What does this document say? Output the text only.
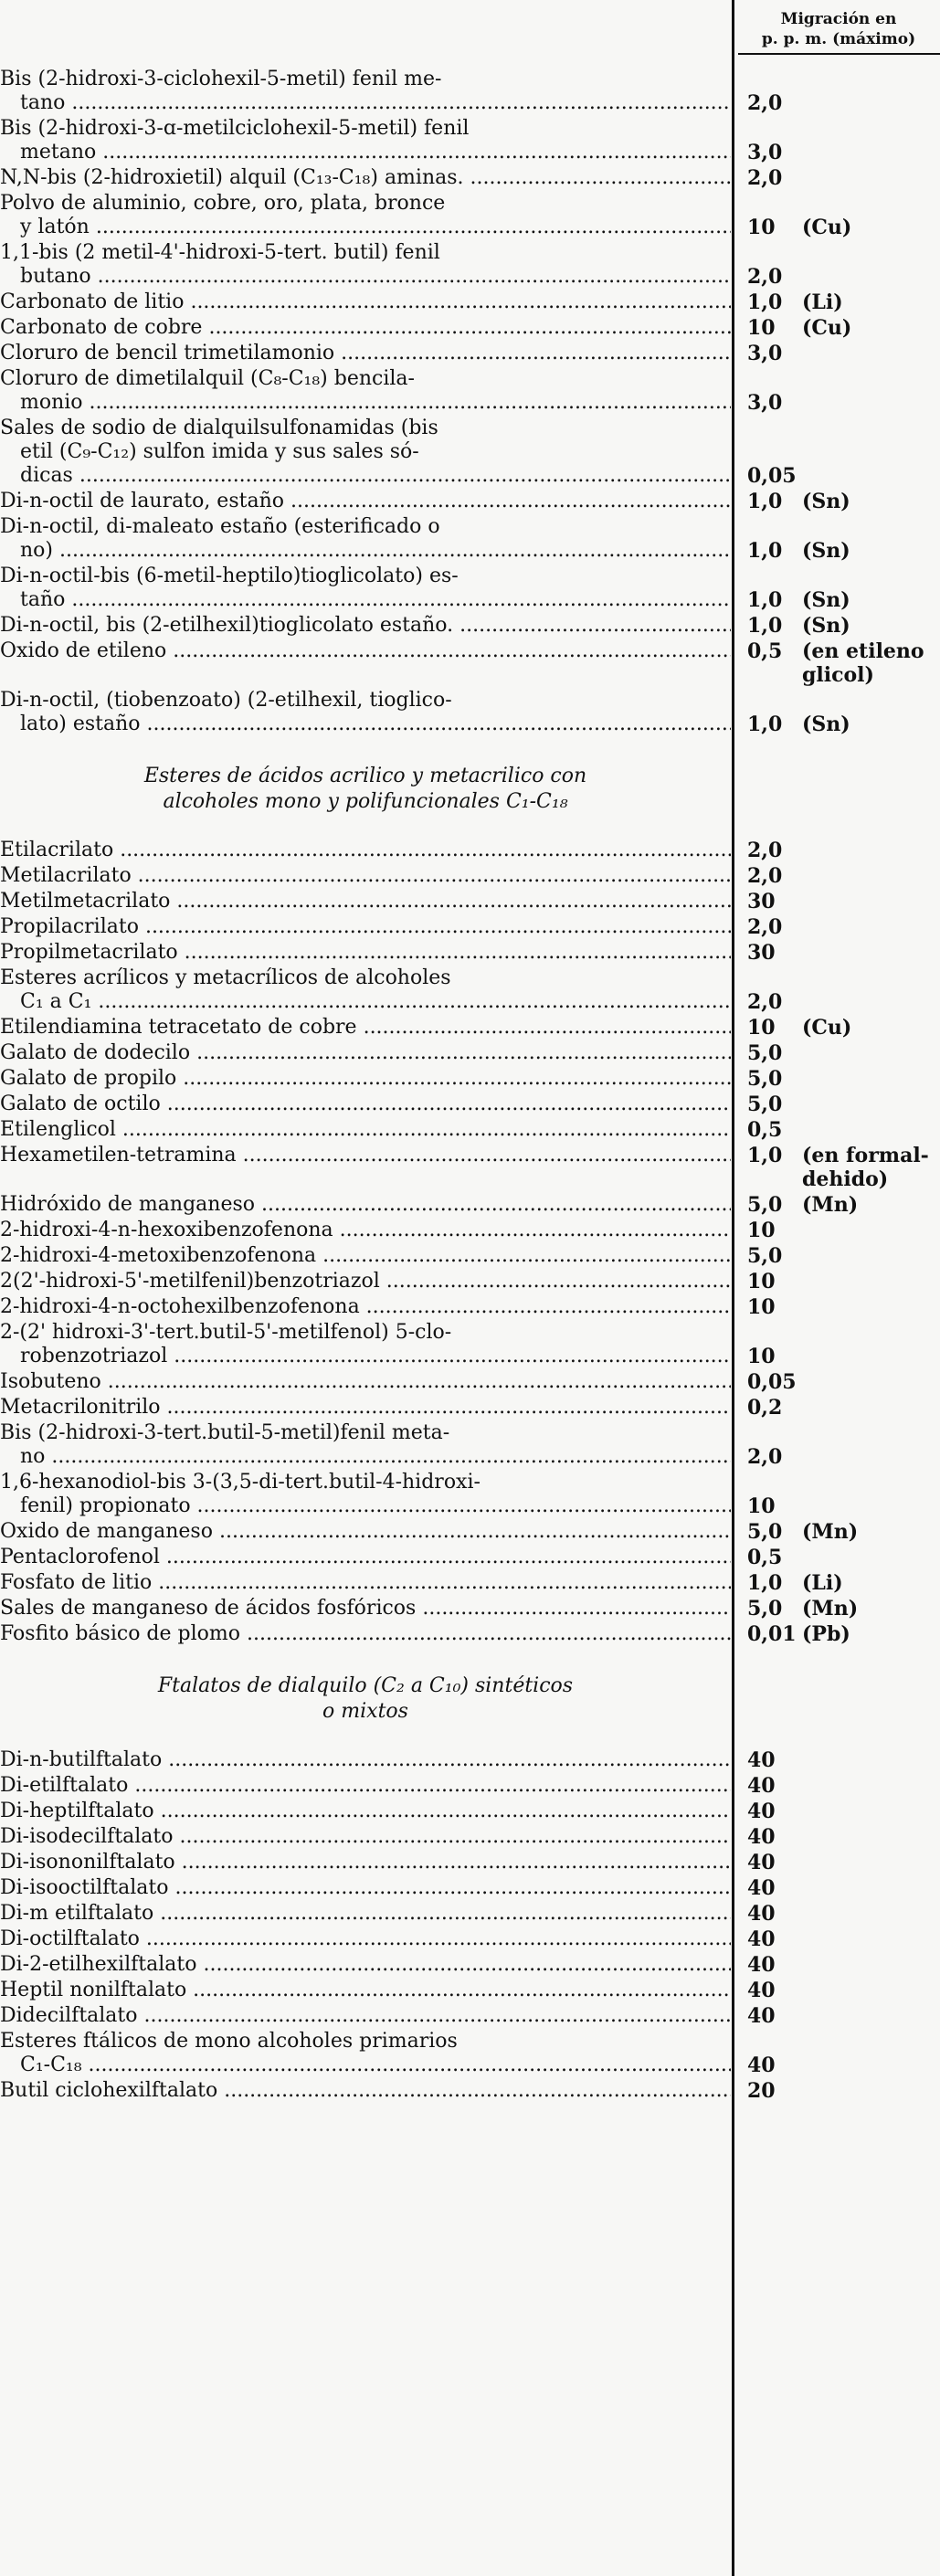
Migración en
p. p. m. (máximo)
Bis (2-hidroxi-3-ciclohexil-5-metil) fenil me-
tano .....	2,0
Bis (2-hidroxi-3-ɑ-metilciclohexil-5-metil) fenil
metano .....	3,0
N,N-bis (2-hidroxietil) alquil (C₁₃-C₁₈) aminas. .....	2,0
Polvo de aluminio, cobre, oro, plata, bronce
y latón .....	10 (Cu)
1,1-bis (2 metil-4'-hidroxi-5-tert. butil) fenil
butano .....	2,0
Carbonato de litio .....	1,0 (Li)
Carbonato de cobre .....	10 (Cu)
Cloruro de bencil trimetilamonio .....	3,0
Cloruro de dimetilalquil (C₈-C₁₈) bencila-
monio .....	3,0
Sales de sodio de dialquilsulfonamidas (bis
etil (C₉-C₁₂) sulfon imida y sus sales só-
dicas .....	0,05
Di-n-octil de laurato, estaño .....	1,0 (Sn)
Di-n-octil, di-maleato estaño (esterificado o
no) .....	1,0 (Sn)
Di-n-octil-bis (6-metil-heptilo)tioglicolato) es-
taño .....	1,0 (Sn)
Di-n-octil, bis (2-etilhexil)tioglicolato estaño. .....	1,0 (Sn)
Oxido de etileno .....	0,5 (en etileno
glicol)
Di-n-octil, (tiobenzoato) (2-etilhexil, tioglico-
lato) estaño .....	1,0 (Sn)
Esteres de ácidos acrilico y metacrilico con
alcoholes mono y polifuncionales C₁-C₁₈
Etilacrilato .....	2,0
Metilacrilato .....	2,0
Metilmetacrilato .....	30
Propilacrilato .....	2,0
Propilmetacrilato .....	30
Esteres acrílicos y metacrílicos de alcoholes
C₁ a C₁ .....	2,0
Etilendiamina tetracetato de cobre .....	10 (Cu)
Galato de dodecilo .....	5,0
Galato de propilo .....	5,0
Galato de octilo .....	5,0
Etilenglicol .....	0,5
Hexametilen-tetramina .....	1,0 (en formal-
dehido)
Hidróxido de manganeso .....	5,0 (Mn)
2-hidroxi-4-n-hexoxibenzofenona .....	10
2-hidroxi-4-metoxibenzofenona .....	5,0
2(2'-hidroxi-5'-metilfenil)benzotriazol .....	10
2-hidroxi-4-n-octohexilbenzofenona .....	10
2-(2' hidroxi-3'-tert.butil-5'-metilfenol) 5-clo-
robenzotriazol .....	10
Isobuteno .....	0,05
Metacrilonitrilo .....	0,2
Bis (2-hidroxi-3-tert.butil-5-metil)fenil meta-
no .....	2,0
1,6-hexanodiol-bis 3-(3,5-di-tert.butil-4-hidroxi-
fenil) propionato .....	10
Oxido de manganeso .....	5,0 (Mn)
Pentaclorofenol .....	0,5
Fosfato de litio .....	1,0 (Li)
Sales de manganeso de ácidos fosfóricos .....	5,0 (Mn)
Fosfito básico de plomo .....	0,01 (Pb)
Ftalatos de dialquilo (C₂ a C₁₀) sintéticos
o mixtos
Di-n-butilftalato .....	40
Di-etilftalato .....	40
Di-heptilftalato .....	40
Di-isodecilftalato .....	40
Di-isononilftalato .....	40
Di-isooctilftalato .....	40
Di-m etilftalato .....	40
Di-octilftalato .....	40
Di-2-etilhexilftalato .....	40
Heptil nonilftalato .....	40
Didecilftalato .....	40
Esteres ftálicos de mono alcoholes primarios
C₁-C₁₈ .....	40
Butil ciclohexilftalato .....	20
